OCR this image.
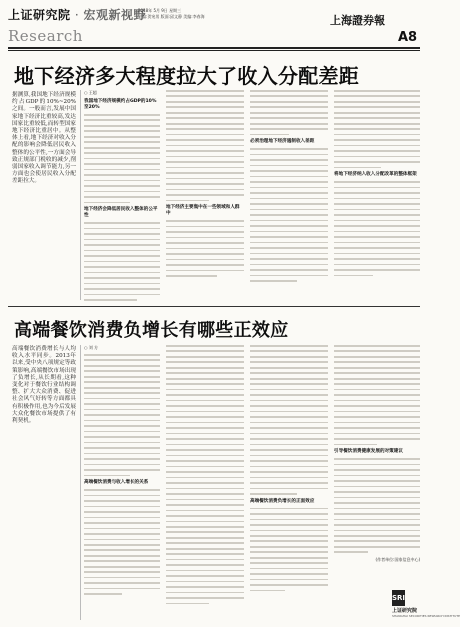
上证研究院 · 宏观新视野
2018年 5月 9日 星期三
主编:贺宛男 版面:邱文静 美编:李春海
Research
上海證券報
A8
地下经济多大程度拉大了收入分配差距
据测算,我国地下经济规模约占GDP的10%~20%之间。一般而言,发展中国家地下经济比重较高,发达国家比重较低,而转型国家地下经济比重居中。从整体上看,地下经济对收入分配的影响会降低居民收入整体的公平性,一方面会导致正规部门税收的减少,削弱国家收入调节能力,另一方面也会使居民收入分配差距拉大。
○ 王超
我国地下经济规模约占GDP的10%至20%
地下经济会降低居民收入整体的公平性
地下经济主要集中在一些领域和人群中
必须治理地下经济遏制收入差距
将地下经济纳入收入分配改革的整体框架
高端餐饮消费负增长有哪些正效应
高端餐饮消费增长与人均收入水平同步。2013年以来,受中央八项规定等政策影响,高端餐饮市场出现了负增长,从长期看,这种变化对于餐饮行业结构调整、扩大大众消费、促进社会风气好转等方面都具有积极作用,也为今后发展大众化餐饮市场提供了有利契机。
○ 刘 方
高端餐饮消费与收入增长的关系
高端餐饮消费负增长的正面效应
引导餐饮消费健康发展的对策建议
(作者单位:国家信息中心)
SRI
上证研究院
SHANGHAI SECURITIES RESEARCH INSTITUTE
